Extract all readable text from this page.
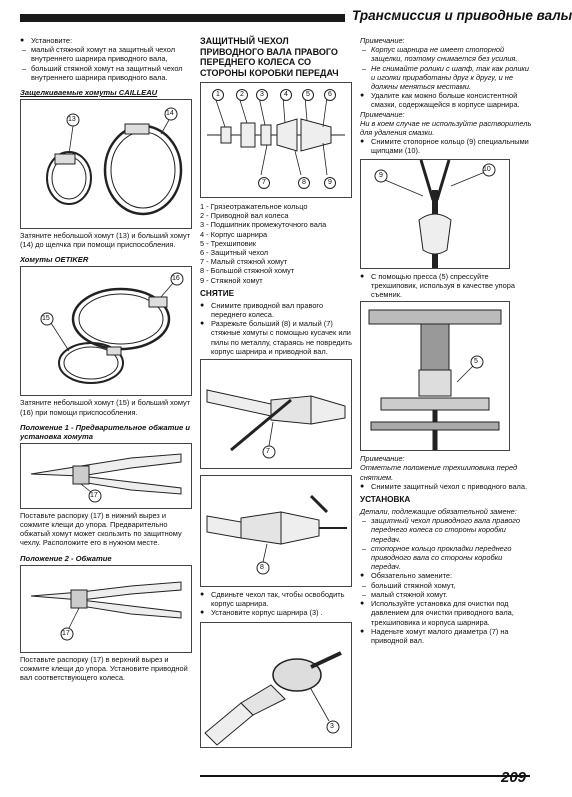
Трансмиссия и приводные валы

● Установите:

– малый стяжной хомут на защитный чехол внутреннего шарнира приводного вала,

– больший стяжной хомут на защитный чехол внутреннего шарнира приводного вала.

Защелкиваемые хомуты CAILLEAU

13
14

Затяните небольшой хомут (13) и больший хомут (14) до щелчка при помощи приспособления.

Хомуты OETIKER

15
16

Затяните небольшой хомут (15) и больший хомут (16) при помощи приспособления.

Положение 1 - Предварительное обжатие и установка хомута

17

Поставьте распорку (17) в нижний вырез и сожмите клещи до упора. Предварительно обжатый хомут может скользить по защитному чехлу. Расположите его в нужном месте.

Положение 2 - Обжатие

17

Поставьте распорку (17) в верхний вырез и сожмите клещи до упора. Установите приводной вал соответствующего колеса.

ЗАЩИТНЫЙ ЧЕХОЛ ПРИВОДНОГО ВАЛА ПРАВОГО ПЕРЕДНЕГО КОЛЕСА СО СТОРОНЫ КОРОБКИ ПЕРЕДАЧ

1	2	3	4	5	6
7	8	9
1 - Грязеотражательное кольцо
2 - Приводной вал колеса
3 - Подшипник промежуточного вала
4 - Корпус шарнира
5 - Трехшиповик
6 - Защитный чехол
7 - Малый стяжной хомут
8 - Большой стяжной хомут
9 - Стяжной хомут

СНЯТИЕ

● Снимите приводной вал правого переднего колеса.

● Разрежьте больший (8) и малый (7) стяжные хомуты с помощью кусачек или пилы по металлу, стараясь не повредить корпус шарнира и приводной вал.

7
8

● Сдвиньте чехол так, чтобы освободить корпус шарнира.

● Установите корпус шарнира (3) .

3

Примечание:

– Корпус шарнира не имеет стопорной защелки, поэтому снимается без усилия.

– Не снимайте ролики с шапф, так как ролики и иголки приработаны друг к другу, и не должны меняться местами.

● Удалите как можно больше консистентной смазки, содержащейся в корпусе шарнира.

Примечание:

Ни в коем случае не используйте растворитель для удаления смазки.

● Снимите стопорное кольцо (9) специальными щипцами (10).

9
10

● С помощью пресса (5) спрессуйте трехшиповик, используя в качестве упора съемник.

5

Примечание:

Отметьте положение трехшиповика перед снятием.

● Снимите защитный чехол с приводного вала.

УСТАНОВКА

Детали, подлежащие обязательной замене:

– защитный чехол приводного вала правого переднего колеса со стороны коробки передач.

– стопорное кольцо прокладки переднего приводного вала со стороны коробки передач.

● Обязательно замените:

– больший стяжной хомут,

– малый стяжной хомут.

● Используйте установка для очистки под давлением для очистки приводного вала, трехшиповика и корпуса шарнира.

● Наденьте хомут малого диаметра (7) на приводной вал.

209
